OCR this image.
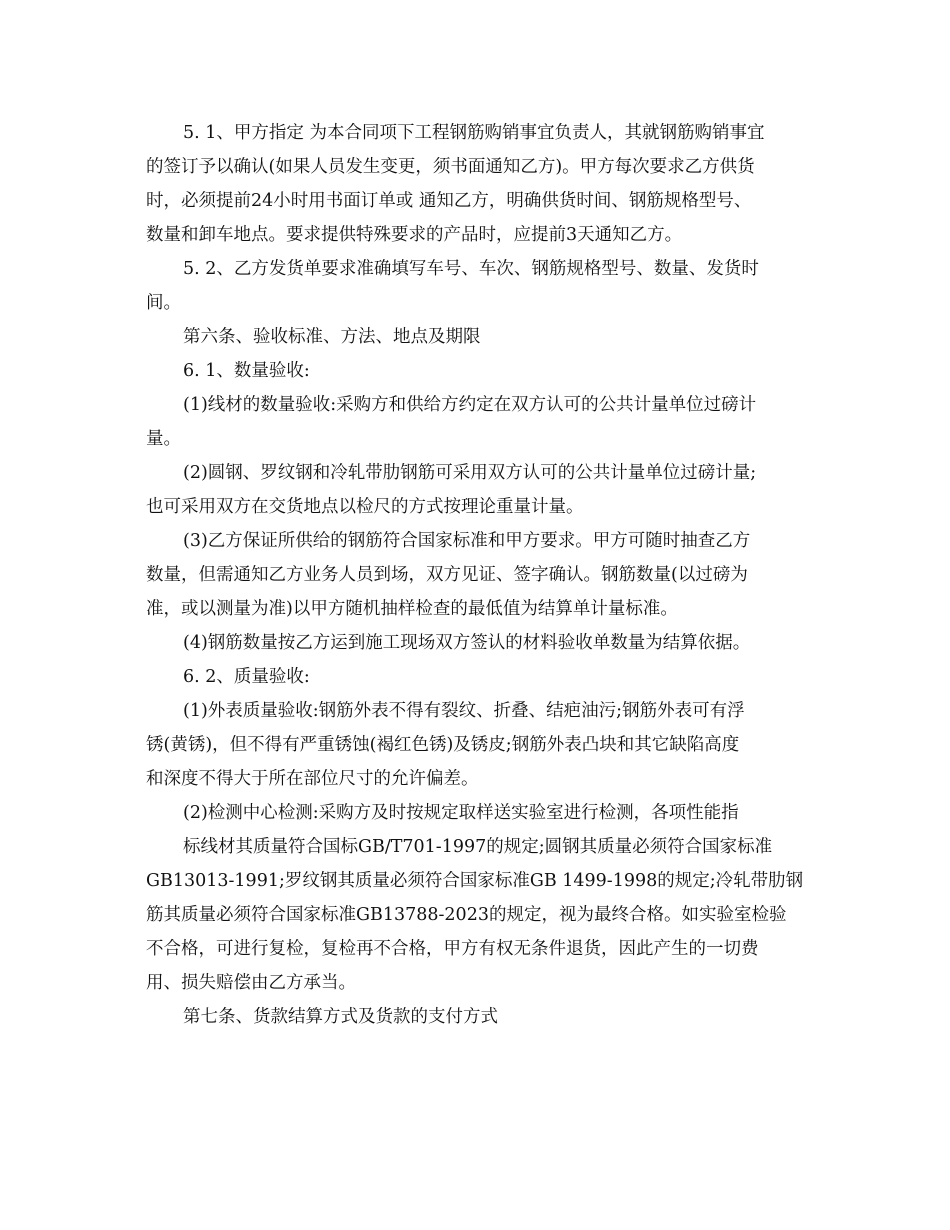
5. 1、甲方指定 为本合同项下工程钢筋购销事宜负责人，其就钢筋购销事宜
的签订予以确认(如果人员发生变更，须书面通知乙方)。甲方每次要求乙方供货
时，必须提前24小时用书面订单或 通知乙方，明确供货时间、钢筋规格型号、
数量和卸车地点。要求提供特殊要求的产品时，应提前3天通知乙方。
5. 2、乙方发货单要求准确填写车号、车次、钢筋规格型号、数量、发货时
间。
第六条、验收标准、方法、地点及期限
6. 1、数量验收:
(1)线材的数量验收:采购方和供给方约定在双方认可的公共计量单位过磅计
量。
(2)圆钢、罗纹钢和冷轧带肋钢筋可采用双方认可的公共计量单位过磅计量;
也可采用双方在交货地点以检尺的方式按理论重量计量。
(3)乙方保证所供给的钢筋符合国家标准和甲方要求。甲方可随时抽查乙方
数量，但需通知乙方业务人员到场，双方见证、签字确认。钢筋数量(以过磅为
准，或以测量为准)以甲方随机抽样检查的最低值为结算单计量标准。
(4)钢筋数量按乙方运到施工现场双方签认的材料验收单数量为结算依据。
6. 2、质量验收:
(1)外表质量验收:钢筋外表不得有裂纹、折叠、结疤油污;钢筋外表可有浮
锈(黄锈)，但不得有严重锈蚀(褐红色锈)及锈皮;钢筋外表凸块和其它缺陷高度
和深度不得大于所在部位尺寸的允许偏差。
(2)检测中心检测:采购方及时按规定取样送实验室进行检测，各项性能指
标线材其质量符合国标GB/T701-1997的规定;圆钢其质量必须符合国家标准
GB13013-1991;罗纹钢其质量必须符合国家标准GB 1499-1998的规定;冷轧带肋钢
筋其质量必须符合国家标准GB13788-2023的规定，视为最终合格。如实验室检验
不合格，可进行复检，复检再不合格，甲方有权无条件退货，因此产生的一切费
用、损失赔偿由乙方承当。
第七条、货款结算方式及货款的支付方式
